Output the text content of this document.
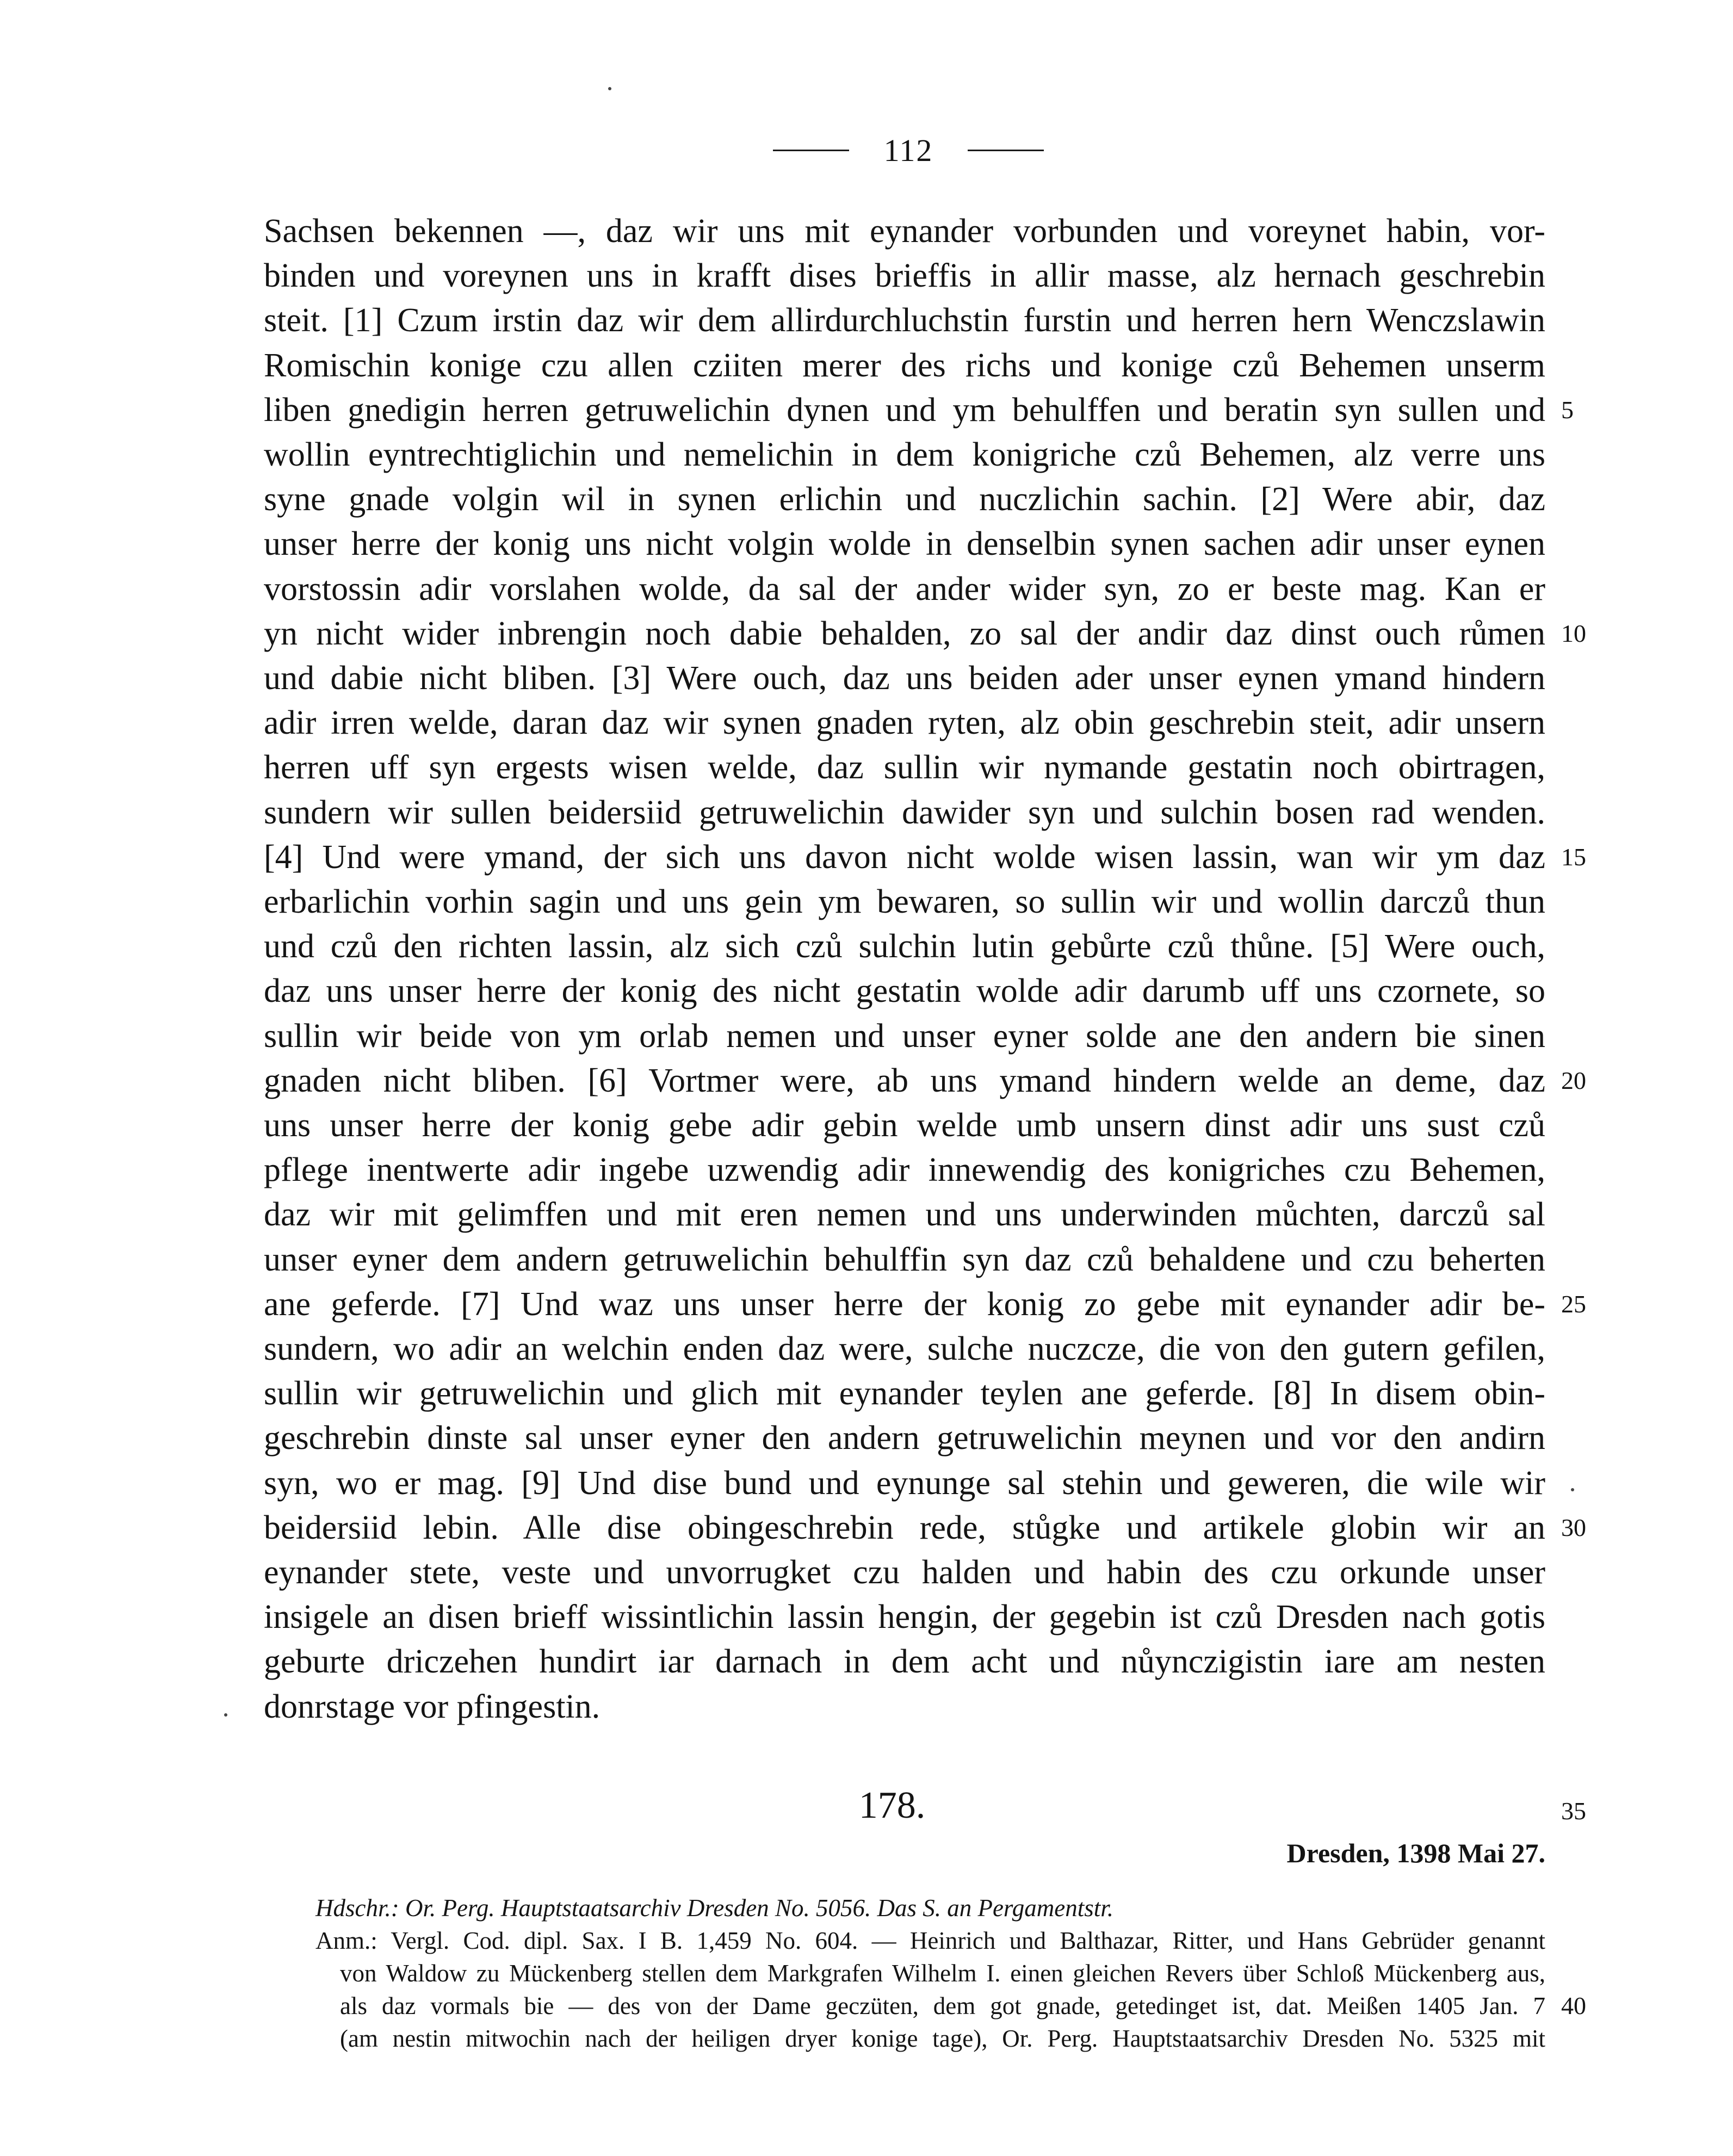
112
Sachsen bekennen —, daz wir uns mit eynander vorbunden und voreynet habin, vor-
binden und voreynen uns in krafft dises brieffis in allir masse, alz hernach geschrebin
steit. [1] Czum irstin daz wir dem allirdurchluchstin furstin und herren hern Wenczslawin
Romischin konige czu allen cziiten merer des richs und konige czů Behemen unserm
liben gnedigin herren getruwelichin dynen und ym behulffen und beratin syn sullen und 5
wollin eyntrechtiglichin und nemelichin in dem konigriche czů Behemen, alz verre uns
syne gnade volgin wil in synen erlichin und nuczlichin sachin. [2] Were abir, daz
unser herre der konig uns nicht volgin wolde in denselbin synen sachen adir unser eynen
vorstossin adir vorslahen wolde, da sal der ander wider syn, zo er beste mag. Kan er
yn nicht wider inbrengin noch dabie behalden, zo sal der andir daz dinst ouch růmen 10
und dabie nicht bliben. [3] Were ouch, daz uns beiden ader unser eynen ymand hindern
adir irren welde, daran daz wir synen gnaden ryten, alz obin geschrebin steit, adir unsern
herren uff syn ergests wisen welde, daz sullin wir nymande gestatin noch obirtragen,
sundern wir sullen beidersiid getruwelichin dawider syn und sulchin bosen rad wenden.
[4] Und were ymand, der sich uns davon nicht wolde wisen lassin, wan wir ym daz 15
erbarlichin vorhin sagin und uns gein ym bewaren, so sullin wir und wollin darczů thun
und czů den richten lassin, alz sich czů sulchin lutin gebůrte czů thůne. [5] Were ouch,
daz uns unser herre der konig des nicht gestatin wolde adir darumb uff uns czornete, so
sullin wir beide von ym orlab nemen und unser eyner solde ane den andern bie sinen
gnaden nicht bliben. [6] Vortmer were, ab uns ymand hindern welde an deme, daz 20
uns unser herre der konig gebe adir gebin welde umb unsern dinst adir uns sust czů
pflege inentwerte adir ingebe uzwendig adir innewendig des konigriches czu Behemen,
daz wir mit gelimffen und mit eren nemen und uns underwinden můchten, darczů sal
unser eyner dem andern getruwelichin behulffin syn daz czů behaldene und czu beherten
ane geferde. [7] Und waz uns unser herre der konig zo gebe mit eynander adir be- 25
sundern, wo adir an welchin enden daz were, sulche nuczcze, die von den gutern gefilen,
sullin wir getruwelichin und glich mit eynander teylen ane geferde. [8] In disem obin-
geschrebin dinste sal unser eyner den andern getruwelichin meynen und vor den andirn
syn, wo er mag. [9] Und dise bund und eynunge sal stehin und geweren, die wile wir
beidersiid lebin. Alle dise obingeschrebin rede, stůgke und artikele globin wir an 30
eynander stete, veste und unvorrugket czu halden und habin des czu orkunde unser
insigele an disen brieff wissintlichin lassin hengin, der gegebin ist czů Dresden nach gotis
geburte driczehen hundirt iar darnach in dem acht und nůynczigistin iare am nesten
donrstage vor pfingestin.
178.	35
Dresden, 1398 Mai 27.
Hdschr.: Or. Perg. Hauptstaatsarchiv Dresden No. 5056. Das S. an Pergamentstr.
Anm.: Vergl. Cod. dipl. Sax. I B. 1,459 No. 604. — Heinrich und Balthazar, Ritter, und Hans Gebrüder genannt
von Waldow zu Mückenberg stellen dem Markgrafen Wilhelm I. einen gleichen Revers über Schloß Mückenberg aus,
als daz vormals bie — des von der Dame geczüten, dem got gnade, getedinget ist, dat. Meißen 1405 Jan. 7 40
(am nestin mitwochin nach der heiligen dryer konige tage), Or. Perg. Hauptstaatsarchiv Dresden No. 5325 mit
